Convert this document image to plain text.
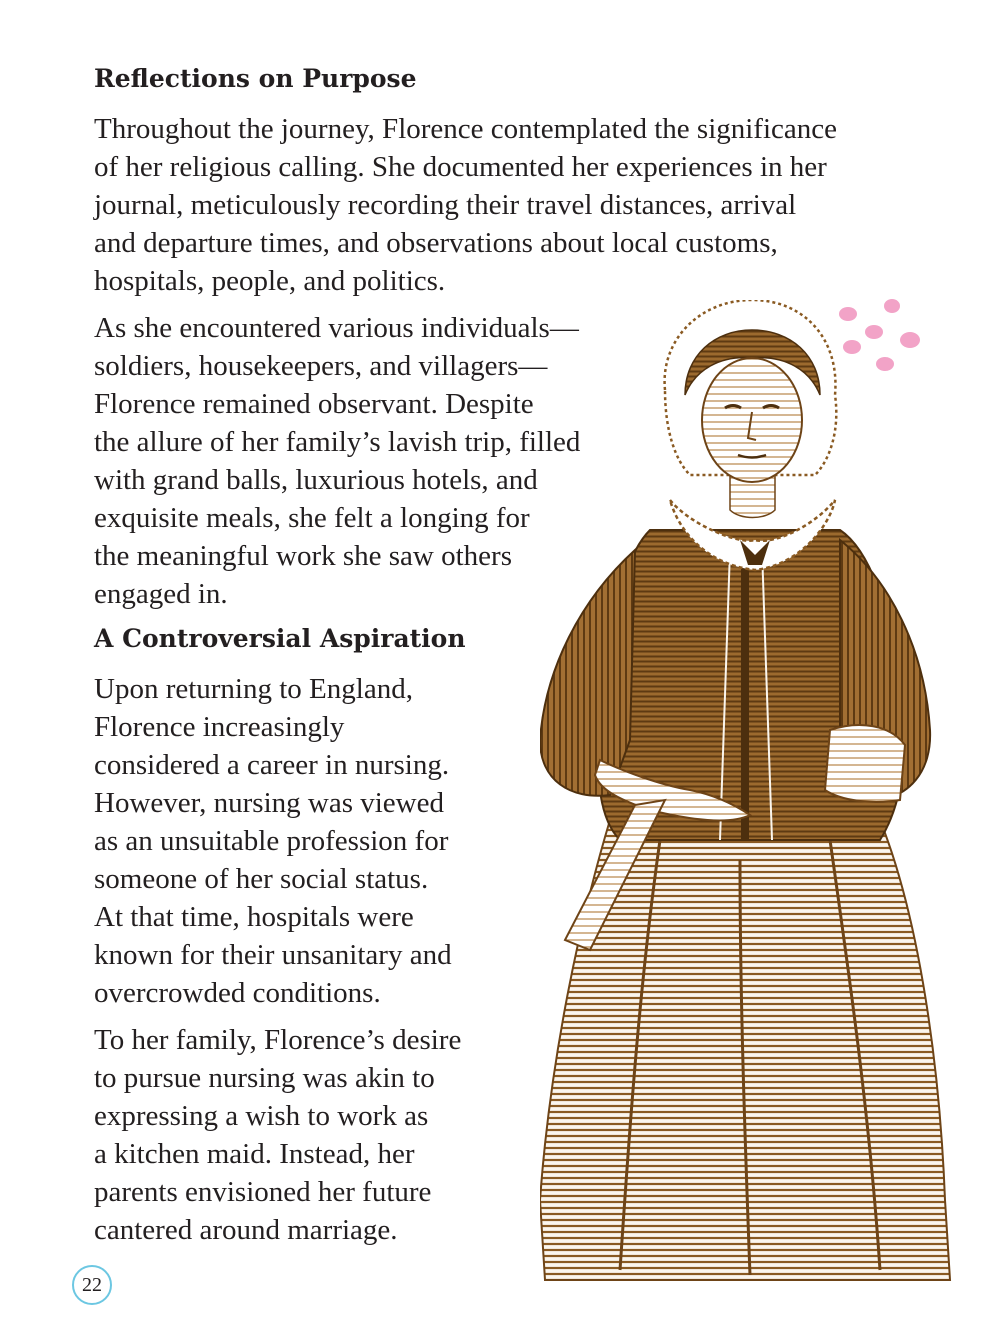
Reflections on Purpose

Throughout the journey, Florence contemplated the significance
of her religious calling. She documented her experiences in her
journal, meticulously recording their travel distances, arrival
and departure times, and observations about local customs,
hospitals, people, and politics.

As she encountered various individuals—
soldiers, housekeepers, and villagers—
Florence remained observant. Despite
the allure of her family’s lavish trip, filled
with grand balls, luxurious hotels, and
exquisite meals, she felt a longing for
the meaningful work she saw others
engaged in.

A Controversial Aspiration

Upon returning to England,
Florence increasingly
considered a career in nursing.
However, nursing was viewed
as an unsuitable profession for
someone of her social status.
At that time, hospitals were
known for their unsanitary and
overcrowded conditions.

To her family, Florence’s desire
to pursue nursing was akin to
expressing a wish to work as
a kitchen maid. Instead, her
parents envisioned her future
cantered around marriage.

22
